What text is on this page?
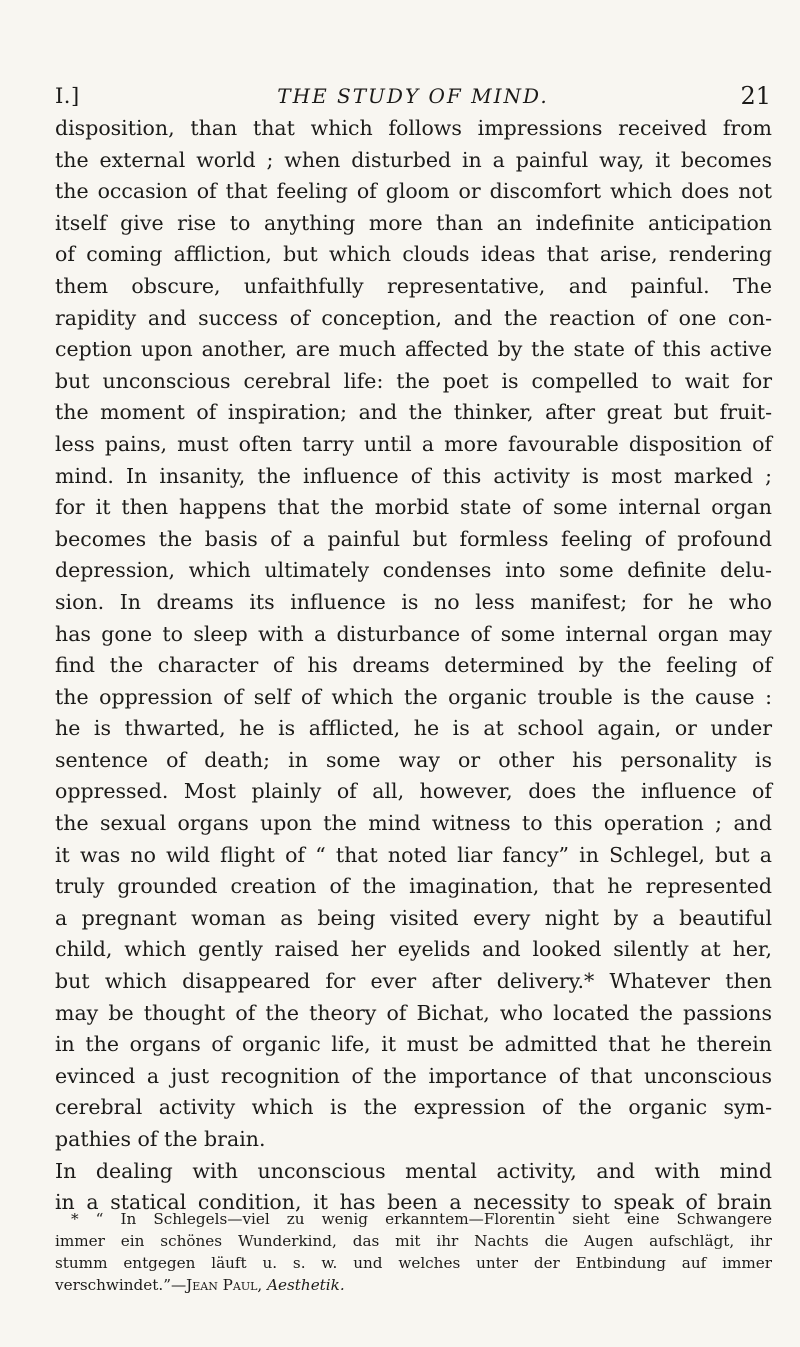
I.]	THE STUDY OF MIND.	21
disposition, than that which follows impressions received from
the external world ; when disturbed in a painful way, it becomes
the occasion of that feeling of gloom or discomfort which does not
itself give rise to anything more than an indefinite anticipation
of coming affliction, but which clouds ideas that arise, rendering
them obscure, unfaithfully representative, and painful. The
rapidity and success of conception, and the reaction of one con-
ception upon another, are much affected by the state of this active
but unconscious cerebral life: the poet is compelled to wait for
the moment of inspiration; and the thinker, after great but fruit-
less pains, must often tarry until a more favourable disposition of
mind. In insanity, the influence of this activity is most marked ;
for it then happens that the morbid state of some internal organ
becomes the basis of a painful but formless feeling of profound
depression, which ultimately condenses into some definite delu-
sion. In dreams its influence is no less manifest; for he who
has gone to sleep with a disturbance of some internal organ may
find the character of his dreams determined by the feeling of
the oppression of self of which the organic trouble is the cause :
he is thwarted, he is afflicted, he is at school again, or under
sentence of death; in some way or other his personality is
oppressed. Most plainly of all, however, does the influence of
the sexual organs upon the mind witness to this operation ; and
it was no wild flight of “ that noted liar fancy” in Schlegel, but a
truly grounded creation of the imagination, that he represented
a pregnant woman as being visited every night by a beautiful
child, which gently raised her eyelids and looked silently at her,
but which disappeared for ever after delivery.* Whatever then
may be thought of the theory of Bichat, who located the passions
in the organs of organic life, it must be admitted that he therein
evinced a just recognition of the importance of that unconscious
cerebral activity which is the expression of the organic sym-
pathies of the brain.
In dealing with unconscious mental activity, and with mind
in a statical condition, it has been a necessity to speak of brain
* “ In Schlegels—viel zu wenig erkanntem—Florentin sieht eine Schwangere
immer ein schönes Wunderkind, das mit ihr Nachts die Augen aufschlägt, ihr
stumm entgegen läuft u. s. w. und welches unter der Entbindung auf immer
verschwindet.”—Jean Paul, Aesthetik.
